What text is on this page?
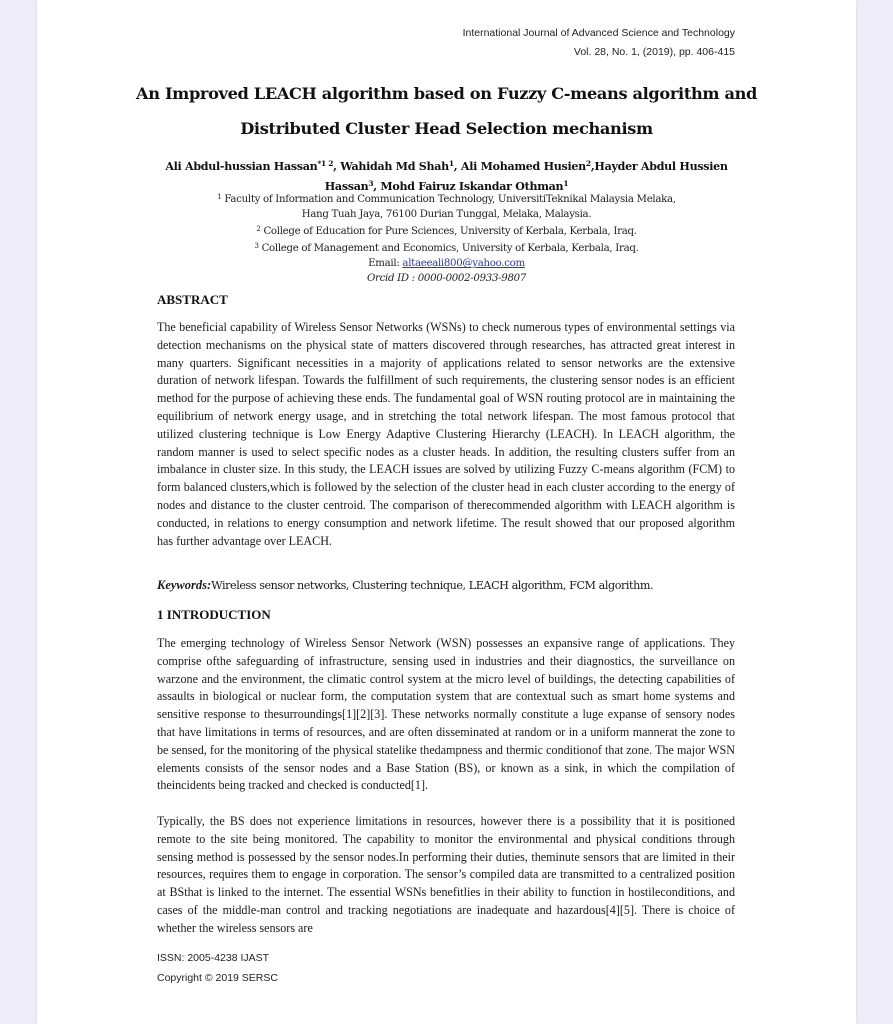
International Journal of Advanced Science and Technology
Vol. 28, No. 1, (2019), pp. 406-415
An Improved LEACH algorithm based on Fuzzy C-means algorithm and
Distributed Cluster Head Selection mechanism
Ali Abdul-hussian Hassan$^{*1 2}$, Wahidah Md Shah$^1$, Ali Mohamed Husien$^2$,Hayder Abdul Hussien
Hassan$^3$, Mohd Fairuz Iskandar Othman$^1$
$^1$ Faculty of Information and Communication Technology, UniversitiTeknikal Malaysia Melaka,
Hang Tuah Jaya, 76100 Durian Tunggal, Melaka, Malaysia.
$^2$ College of Education for Pure Sciences, University of Kerbala, Kerbala, Iraq.
$^3$ College of Management and Economics, University of Kerbala, Kerbala, Iraq.
Email: altaeeali800@yahoo.com
Orcid ID : 0000-0002-0933-9807
ABSTRACT
The beneficial capability of Wireless Sensor Networks (WSNs) to check numerous types of environmental settings via detection mechanisms on the physical state of matters discovered through researches, has attracted great interest in many quarters. Significant necessities in a majority of applications related to sensor networks are the extensive duration of network lifespan. Towards the fulfillment of such requirements, the clustering sensor nodes is an efficient method for the purpose of achieving these ends. The fundamental goal of WSN routing protocol are in maintaining the equilibrium of network energy usage, and in stretching the total network lifespan. The most famous protocol that utilized clustering technique is Low Energy Adaptive Clustering Hierarchy (LEACH). In LEACH algorithm, the random manner is used to select specific nodes as a cluster heads. In addition, the resulting clusters suffer from an imbalance in cluster size. In this study, the LEACH issues are solved by utilizing Fuzzy C-means algorithm (FCM) to form balanced clusters,which is followed by the selection of the cluster head in each cluster according to the energy of nodes and distance to the cluster centroid. The comparison of therecommended algorithm with LEACH algorithm is conducted, in relations to energy consumption and network lifetime. The result showed that our proposed algorithm has further advantage over LEACH.
Keywords:Wireless sensor networks, Clustering technique, LEACH algorithm, FCM algorithm.
1 INTRODUCTION
The emerging technology of Wireless Sensor Network (WSN) possesses an expansive range of applications. They comprise ofthe safeguarding of infrastructure, sensing used in industries and their diagnostics, the surveillance on warzone and the environment, the climatic control system at the micro level of buildings, the detecting capabilities of assaults in biological or nuclear form, the computation system that are contextual such as smart home systems and sensitive response to thesurroundings[1][2][3]. These networks normally constitute a luge expanse of sensory nodes that have limitations in terms of resources, and are often disseminated at random or in a uniform mannerat the zone to be sensed, for the monitoring of the physical statelike thedampness and thermic conditionof that zone. The major WSN elements consists of the sensor nodes and a Base Station (BS), or known as a sink, in which the compilation of theincidents being tracked and checked is conducted[1].
Typically, the BS does not experience limitations in resources, however there is a possibility that it is positioned remote to the site being monitored. The capability to monitor the environmental and physical conditions through sensing method is possessed by the sensor nodes.In performing their duties, theminute sensors that are limited in their resources, requires them to engage in corporation. The sensor’s compiled data are transmitted to a centralized position at BSthat is linked to the internet. The essential WSNs benefitlies in their ability to function in hostileconditions, and cases of the middle-man control and tracking negotiations are inadequate and hazardous[4][5]. There is choice of whether the wireless sensors are
ISSN: 2005-4238 IJAST
Copyright © 2019 SERSC
